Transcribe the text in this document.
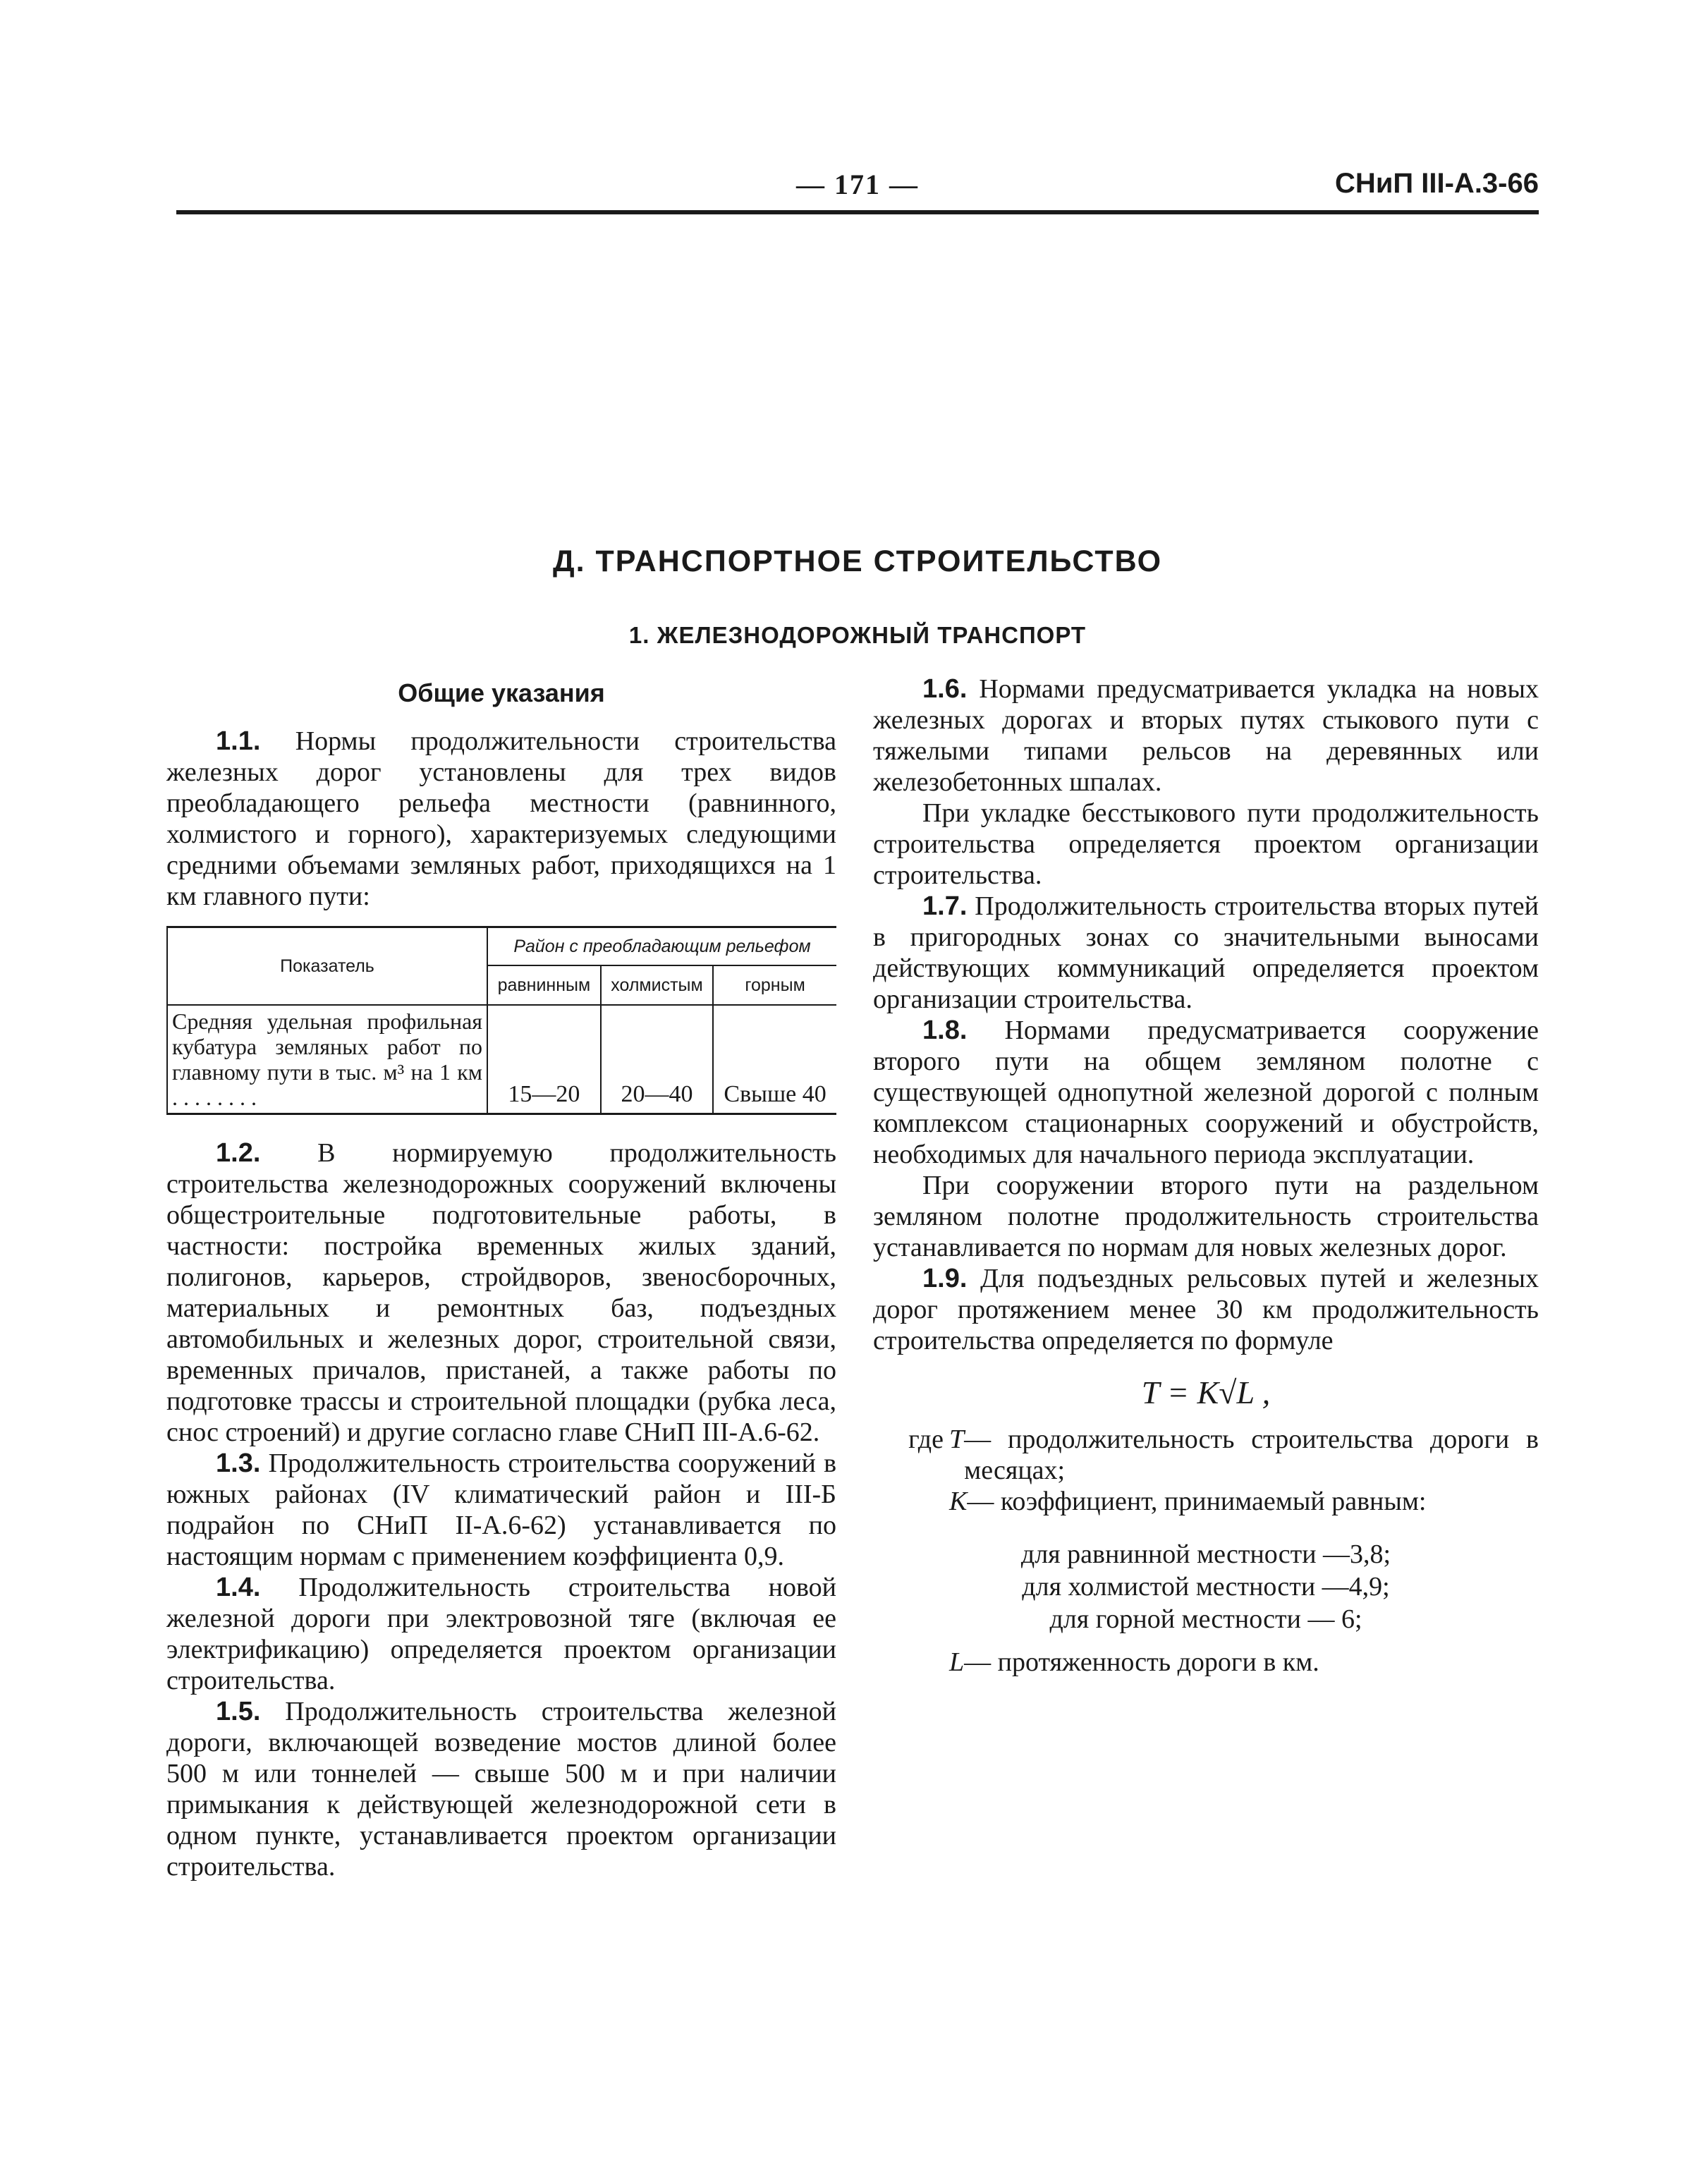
— 171 —	СНиП III-А.3-66
Д. ТРАНСПОРТНОЕ СТРОИТЕЛЬСТВО
1. ЖЕЛЕЗНОДОРОЖНЫЙ ТРАНСПОРТ
Общие указания

1.1. Нормы продолжительности строительства железных дорог установлены для трех видов преобладающего рельефа местности (равнинного, холмистого и горного), характеризуемых следующими средними объемами земляных работ, приходящихся на 1 км главного пути:

Показатель	Район с преобладающим рельефом		
	равнинным	холмистым	горным
Средняя удельная профильная кубатура земляных работ по главному пути в тыс. м³ на 1 км . . . . . . . .	15—20	20—40	Свыше 40

1.2. В нормируемую продолжительность строительства железнодорожных сооружений включены общестроительные подготовительные работы, в частности: постройка временных жилых зданий, полигонов, карьеров, стройдворов, звеносборочных, материальных и ремонтных баз, подъездных автомобильных и железных дорог, строительной связи, временных причалов, пристаней, а также работы по подготовке трассы и строительной площадки (рубка леса, снос строений) и другие согласно главе СНиП III-А.6-62.

1.3. Продолжительность строительства сооружений в южных районах (IV климатический район и III-Б подрайон по СНиП II-А.6-62) устанавливается по настоящим нормам с применением коэффициента 0,9.

1.4. Продолжительность строительства новой железной дороги при электровозной тяге (включая ее электрификацию) определяется проектом организации строительства.

1.5. Продолжительность строительства железной дороги, включающей возведение мостов длиной более 500 м или тоннелей — свыше 500 м и при наличии примыкания к действующей железнодорожной сети в одном пункте, устанавливается проектом организации строительства.

1.6. Нормами предусматривается укладка на новых железных дорогах и вторых путях стыкового пути с тяжелыми типами рельсов на деревянных или железобетонных шпалах.

При укладке бесстыкового пути продолжительность строительства определяется проектом организации строительства.

1.7. Продолжительность строительства вторых путей в пригородных зонах со значительными выносами действующих коммуникаций определяется проектом организации строительства.

1.8. Нормами предусматривается сооружение второго пути на общем земляном полотне с существующей однопутной железной дорогой с полным комплексом стационарных сооружений и обустройств, необходимых для начального периода эксплуатации.

При сооружении второго пути на раздельном земляном полотне продолжительность строительства устанавливается по нормам для новых железных дорог.

1.9. Для подъездных рельсовых путей и железных дорог протяжением менее 30 км продолжительность строительства определяется по формуле

T = K√L ,
где T — продолжительность строительства дороги в месяцах;
K — коэффициент, принимаемый равным:
для равнинной местности —3,8;
для холмистой местности —4,9;
для горной местности — 6;
L — протяженность дороги в км.
